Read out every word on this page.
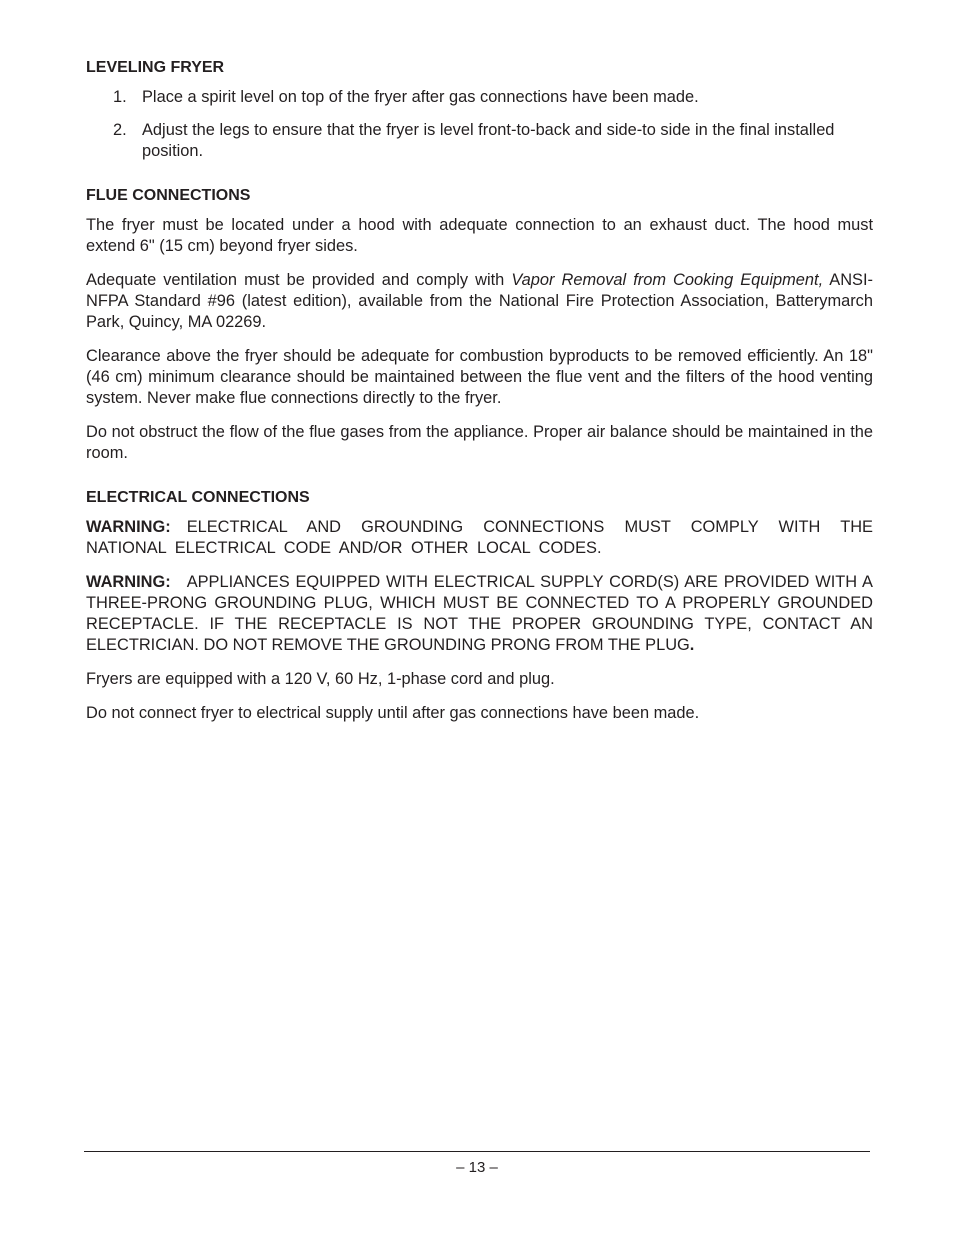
LEVELING FRYER
1. Place a spirit level on top of the fryer after gas connections have been made.
2. Adjust the legs to ensure that the fryer is level front-to-back and side-to side in the final installed position.
FLUE CONNECTIONS

The fryer must be located under a hood with adequate connection to an exhaust duct. The hood must extend 6" (15 cm) beyond fryer sides.

Adequate ventilation must be provided and comply with Vapor Removal from Cooking Equipment, ANSI-NFPA Standard #96 (latest edition), available from the National Fire Protection Association, Batterymarch Park, Quincy, MA 02269.

Clearance above the fryer should be adequate for combustion byproducts to be removed efficiently. An 18" (46 cm) minimum clearance should be maintained between the flue vent and the filters of the hood venting system. Never make flue connections directly to the fryer.

Do not obstruct the flow of the flue gases from the appliance. Proper air balance should be maintained in the room.

ELECTRICAL CONNECTIONS

WARNING: ELECTRICAL AND GROUNDING CONNECTIONS MUST COMPLY WITH THE NATIONAL ELECTRICAL CODE AND/OR OTHER LOCAL CODES.

WARNING: APPLIANCES EQUIPPED WITH ELECTRICAL SUPPLY CORD(S) ARE PROVIDED WITH A THREE-PRONG GROUNDING PLUG, WHICH MUST BE CONNECTED TO A PROPERLY GROUNDED RECEPTACLE. IF THE RECEPTACLE IS NOT THE PROPER GROUNDING TYPE, CONTACT AN ELECTRICIAN. DO NOT REMOVE THE GROUNDING PRONG FROM THE PLUG.

Fryers are equipped with a 120 V, 60 Hz, 1-phase cord and plug.

Do not connect fryer to electrical supply until after gas connections have been made.

– 13 –
